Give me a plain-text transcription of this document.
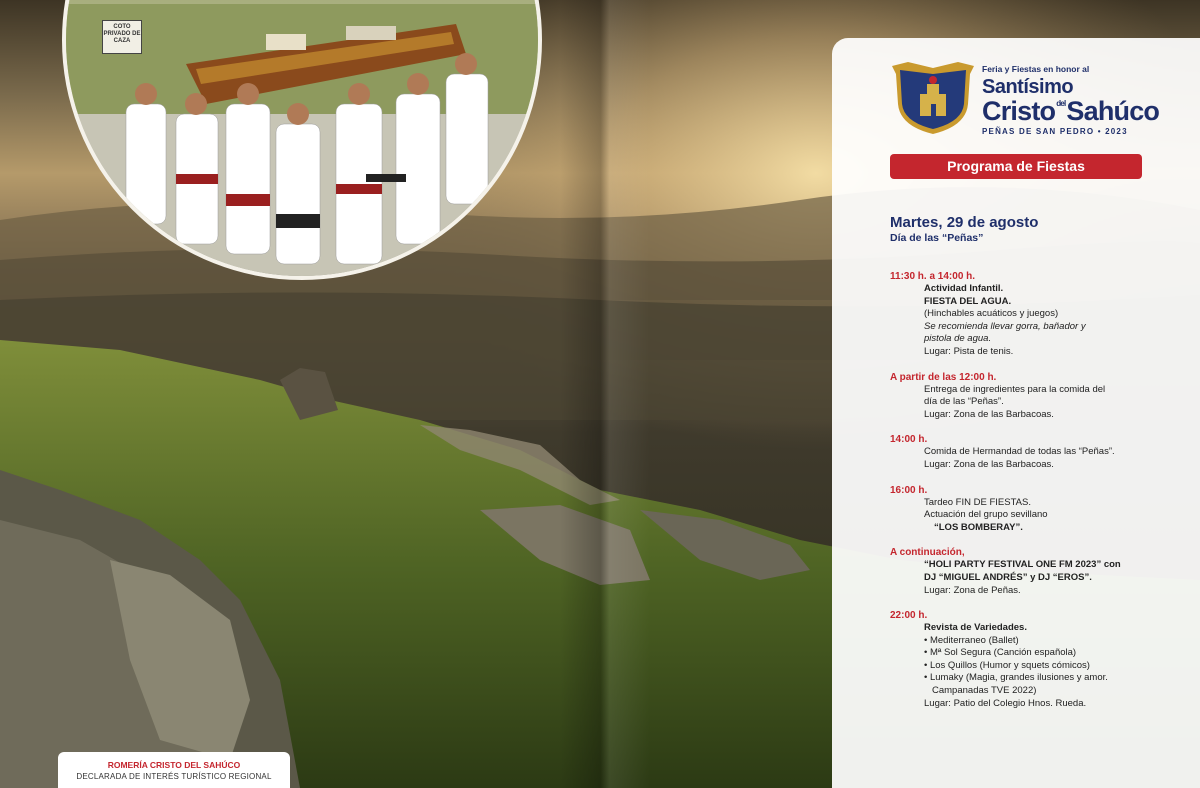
COTO PRIVADO DE CAZA
ROMERÍA CRISTO DEL SAHÚCO
DECLARADA DE INTERÉS TURÍSTICO REGIONAL
Feria y Fiestas en honor al
Santísimo
Cristo$^{del}$Sahúco
PEÑAS DE SAN PEDRO • 2023
Programa de Fiestas
Martes, 29 de agosto
Día de las “Peñas”
11:30 h. a 14:00 h.
Actividad Infantil.
FIESTA DEL AGUA.
(Hinchables acuáticos y juegos)
Se recomienda llevar gorra, bañador y
pistola de agua.
Lugar: Pista de tenis.
A partir de las 12:00 h.
Entrega de ingredientes para la comida del
día de las “Peñas”.
Lugar: Zona de las Barbacoas.
14:00 h.
Comida de Hermandad de todas las “Peñas”.
Lugar: Zona de las Barbacoas.
16:00 h.
Tardeo FIN DE FIESTAS.
Actuación del grupo sevillano
“LOS BOMBERAY”.
A continuación,
“HOLI PARTY FESTIVAL ONE FM 2023” con
DJ “MIGUEL ANDRÉS” y DJ “EROS”.
Lugar: Zona de Peñas.
22:00 h.
Revista de Variedades.
• Mediterraneo (Ballet)
• Mª Sol Segura (Canción española)
• Los Quillos (Humor y squets cómicos)
• Lumaky (Magia, grandes ilusiones y amor.
Campanadas TVE 2022)
Lugar: Patio del Colegio Hnos. Rueda.
